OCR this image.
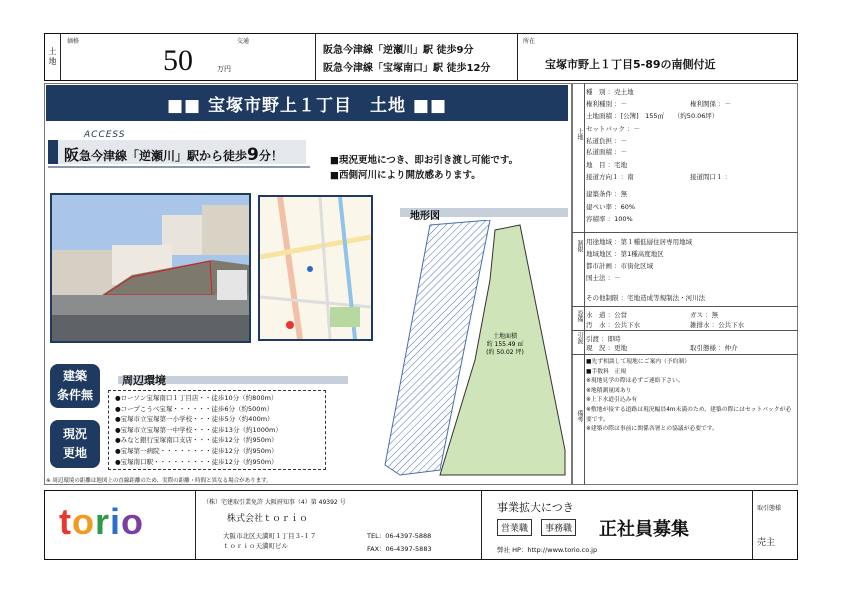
土
地
価格
50	万円
交通
阪急今津線「逆瀬川」駅 徒歩9分
阪急今津線「宝塚南口」駅 徒歩12分
所在
宝塚市野上１丁目5-89の南側付近
■■ 宝塚市野上１丁目　土地 ■■
ACCESS
阪急今津線「逆瀬川」駅から徒歩9分！	■現況更地につき、即お引き渡し可能です。
■西側河川により開放感あります。
地形図
土地面積
約 155.49 ㎡
(約 50.02 坪)
建築
条件無
現況
更地
周辺環境
●ローソン宝塚南口１丁目店・・徒歩10分（約800m）
●コープこうべ宝塚・・・・・・徒歩6分（約500m）
●宝塚市立宝塚第一小学校・・・徒歩5分（約400m）
●宝塚市立宝塚第一中学校・・・徒歩13分（約1000m）
●みなと銀行宝塚南口支店・・・徒歩12分（約950m）
●宝塚第一病院・・・・・・・・徒歩12分（約950m）
●宝塚南口駅・・・・・・・・・徒歩12分（約950m）
※ 周辺環境の距離は地図上の直線距離のため、実際の距離・時間と異なる場合があります。
土地
制限
設備
引渡
備考
種　別 ：売土地
権利種別 ：－	権利関係 ：－
土地面積 ：[公簿]　155㎡　　（約50.06坪）
セットバック ：－
私道負担 ：－
私道面積 ：－
地　目 ：宅地
接道方向１ ：南	接道間口１ ：
建築条件 ：無
建ぺい率 ：60%
容積率 ：100%
用途地域 ：第１種低層住居専用地域
地域地区 ：第1種高度地区
都市計画 ：市街化区域
国土法 ：－
その他制限 ：宅地造成等規制法・河川法
水　道 ：公営	ガス ：無
汚　水 ：公共下水	雑排水 ：公共下水
引渡 ：即時
現　況 ：更地	取引態様 ：仲介
■先ず相談して現地にご案内（予約制）
■手数料　正規
※現地見学の際は必ずご連絡下さい。
※地積測量図あり
※上下水道引込み有
※敷地が接する道路は現況幅員4m未満のため、建築の際にはセットバックが必要です。
※建築の際は事前に関係各署との協議が必要です。
torio	（株）宅建取引業免許 大阪府知事（4）第 49392 号
株式会社ｔｏｒｉｏ
大阪市北区天満町１丁目３-１７
ｔｏｒｉｏ天満町ビル
TEL：06-4397-5888
FAX：06-4397-5883
事業拡大につき
営業職	事務職 正社員募集
弊社 HP：http://www.torio.co.jp
取引態様
売主
